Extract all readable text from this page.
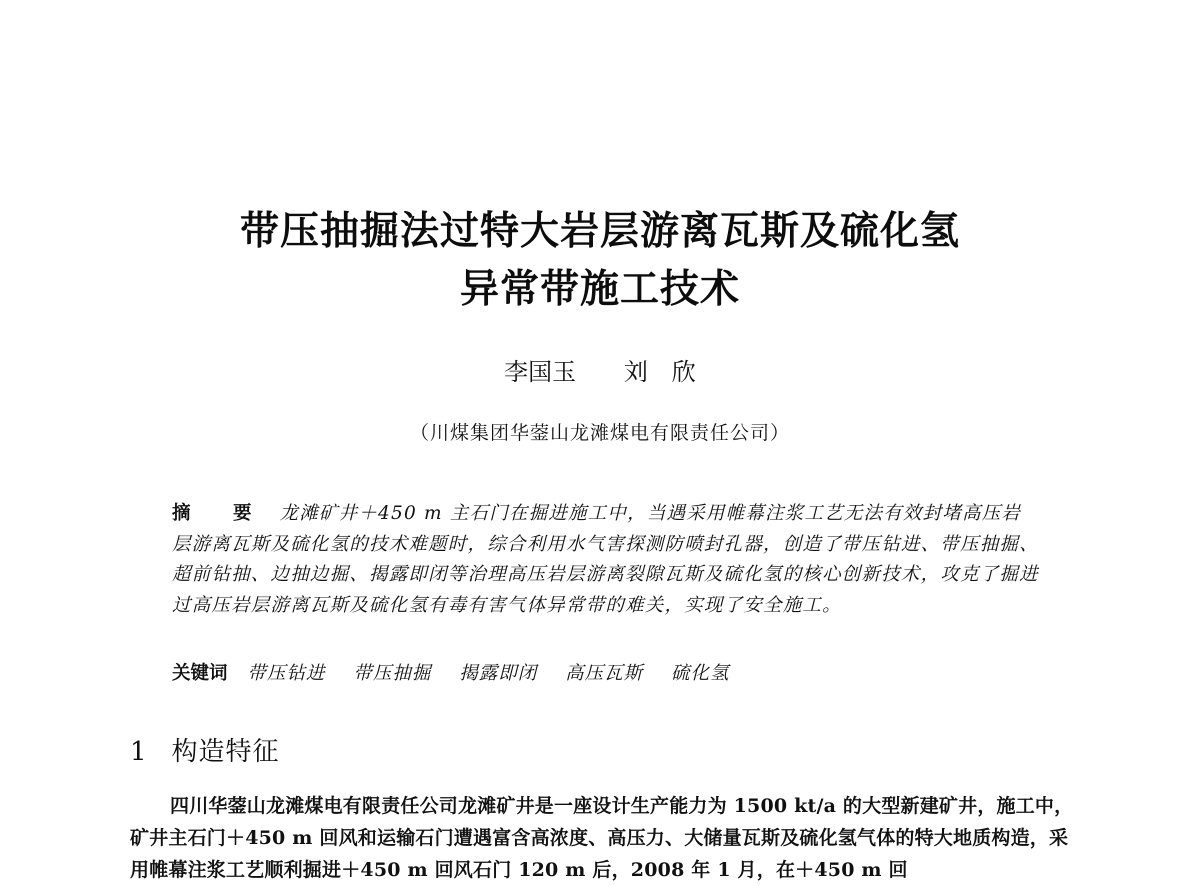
带压抽掘法过特大岩层游离瓦斯及硫化氢
异常带施工技术
李国玉 刘　欣
（川煤集团华蓥山龙滩煤电有限责任公司）
摘　要 龙滩矿井＋450 m 主石门在掘进施工中，当遇采用帷幕注浆工艺无法有效封堵高压岩层游离瓦斯及硫化氢的技术难题时，综合利用水气害探测防喷封孔器，创造了带压钻进、带压抽掘、超前钻抽、边抽边掘、揭露即闭等治理高压岩层游离裂隙瓦斯及硫化氢的核心创新技术，攻克了掘进过高压岩层游离瓦斯及硫化氢有毒有害气体异常带的难关，实现了安全施工。
关键词 带压钻进 带压抽掘 揭露即闭 高压瓦斯 硫化氢
1 构造特征
四川华蓥山龙滩煤电有限责任公司龙滩矿井是一座设计生产能力为 1500 kt/a 的大型新建矿井，施工中，矿井主石门＋450 m 回风和运输石门遭遇富含高浓度、高压力、大储量瓦斯及硫化氢气体的特大地质构造，采用帷幕注浆工艺顺利掘进＋450 m 回风石门 120 m 后，2008 年 1 月，在＋450 m 回
